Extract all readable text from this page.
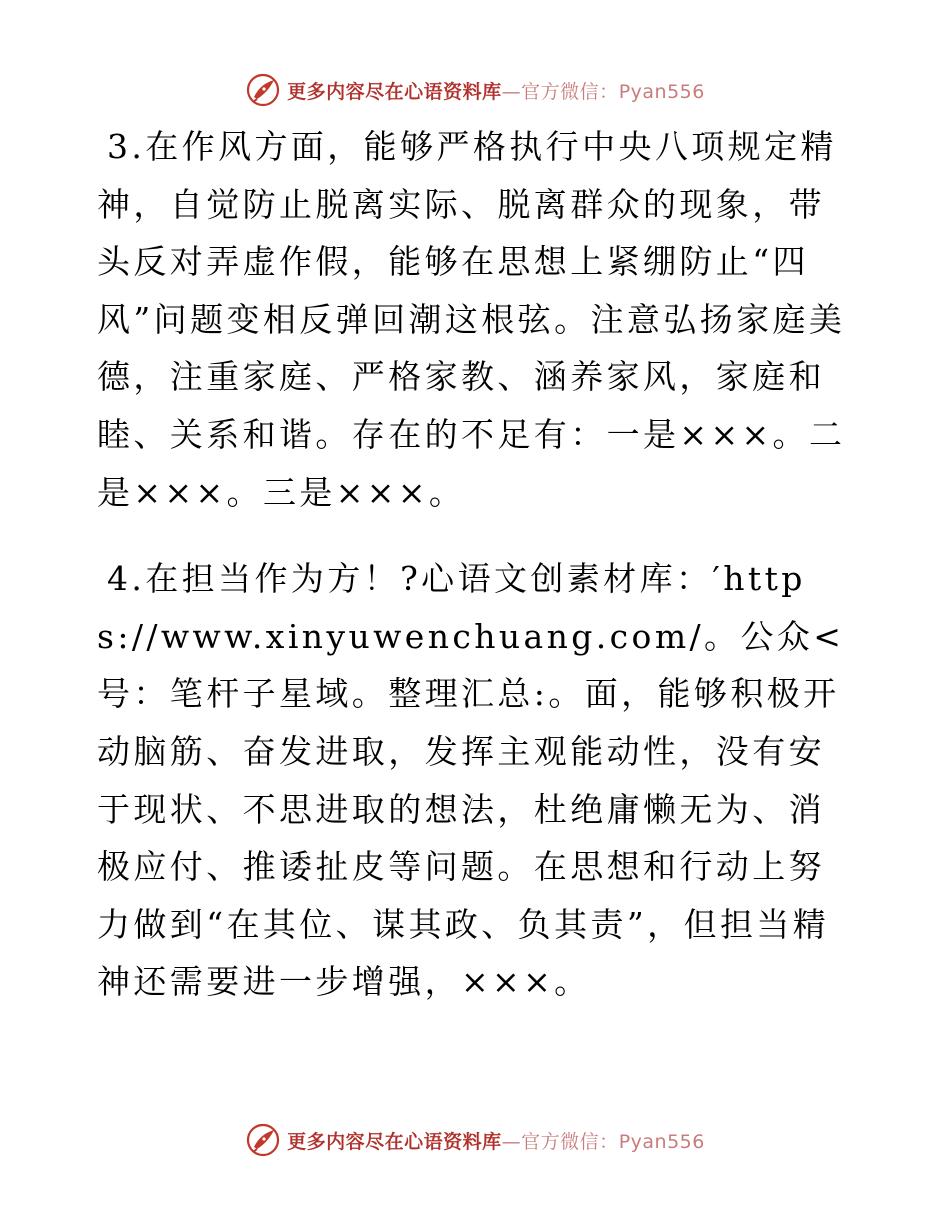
更多内容尽在心语资料库—官方微信：Pyan556

3.在作风方面，能够严格执行中央八项规定精神，自觉防止脱离实际、脱离群众的现象，带头反对弄虚作假，能够在思想上紧绷防止“四风”问题变相反弹回潮这根弦。注意弘扬家庭美德，注重家庭、严格家教、涵养家风，家庭和睦、关系和谐。存在的不足有：一是×××。二是×××。三是×××。

4.在担当作为方！?心语文创素材库：′https://www.xinyuwenchuang.com/。公众<号：笔杆子星域。整理汇总:。面，能够积极开动脑筋、奋发进取，发挥主观能动性，没有安于现状、不思进取的想法，杜绝庸懒无为、消极应付、推诿扯皮等问题。在思想和行动上努力做到“在其位、谋其政、负其责”，但担当精神还需要进一步增强，×××。

更多内容尽在心语资料库—官方微信：Pyan556
